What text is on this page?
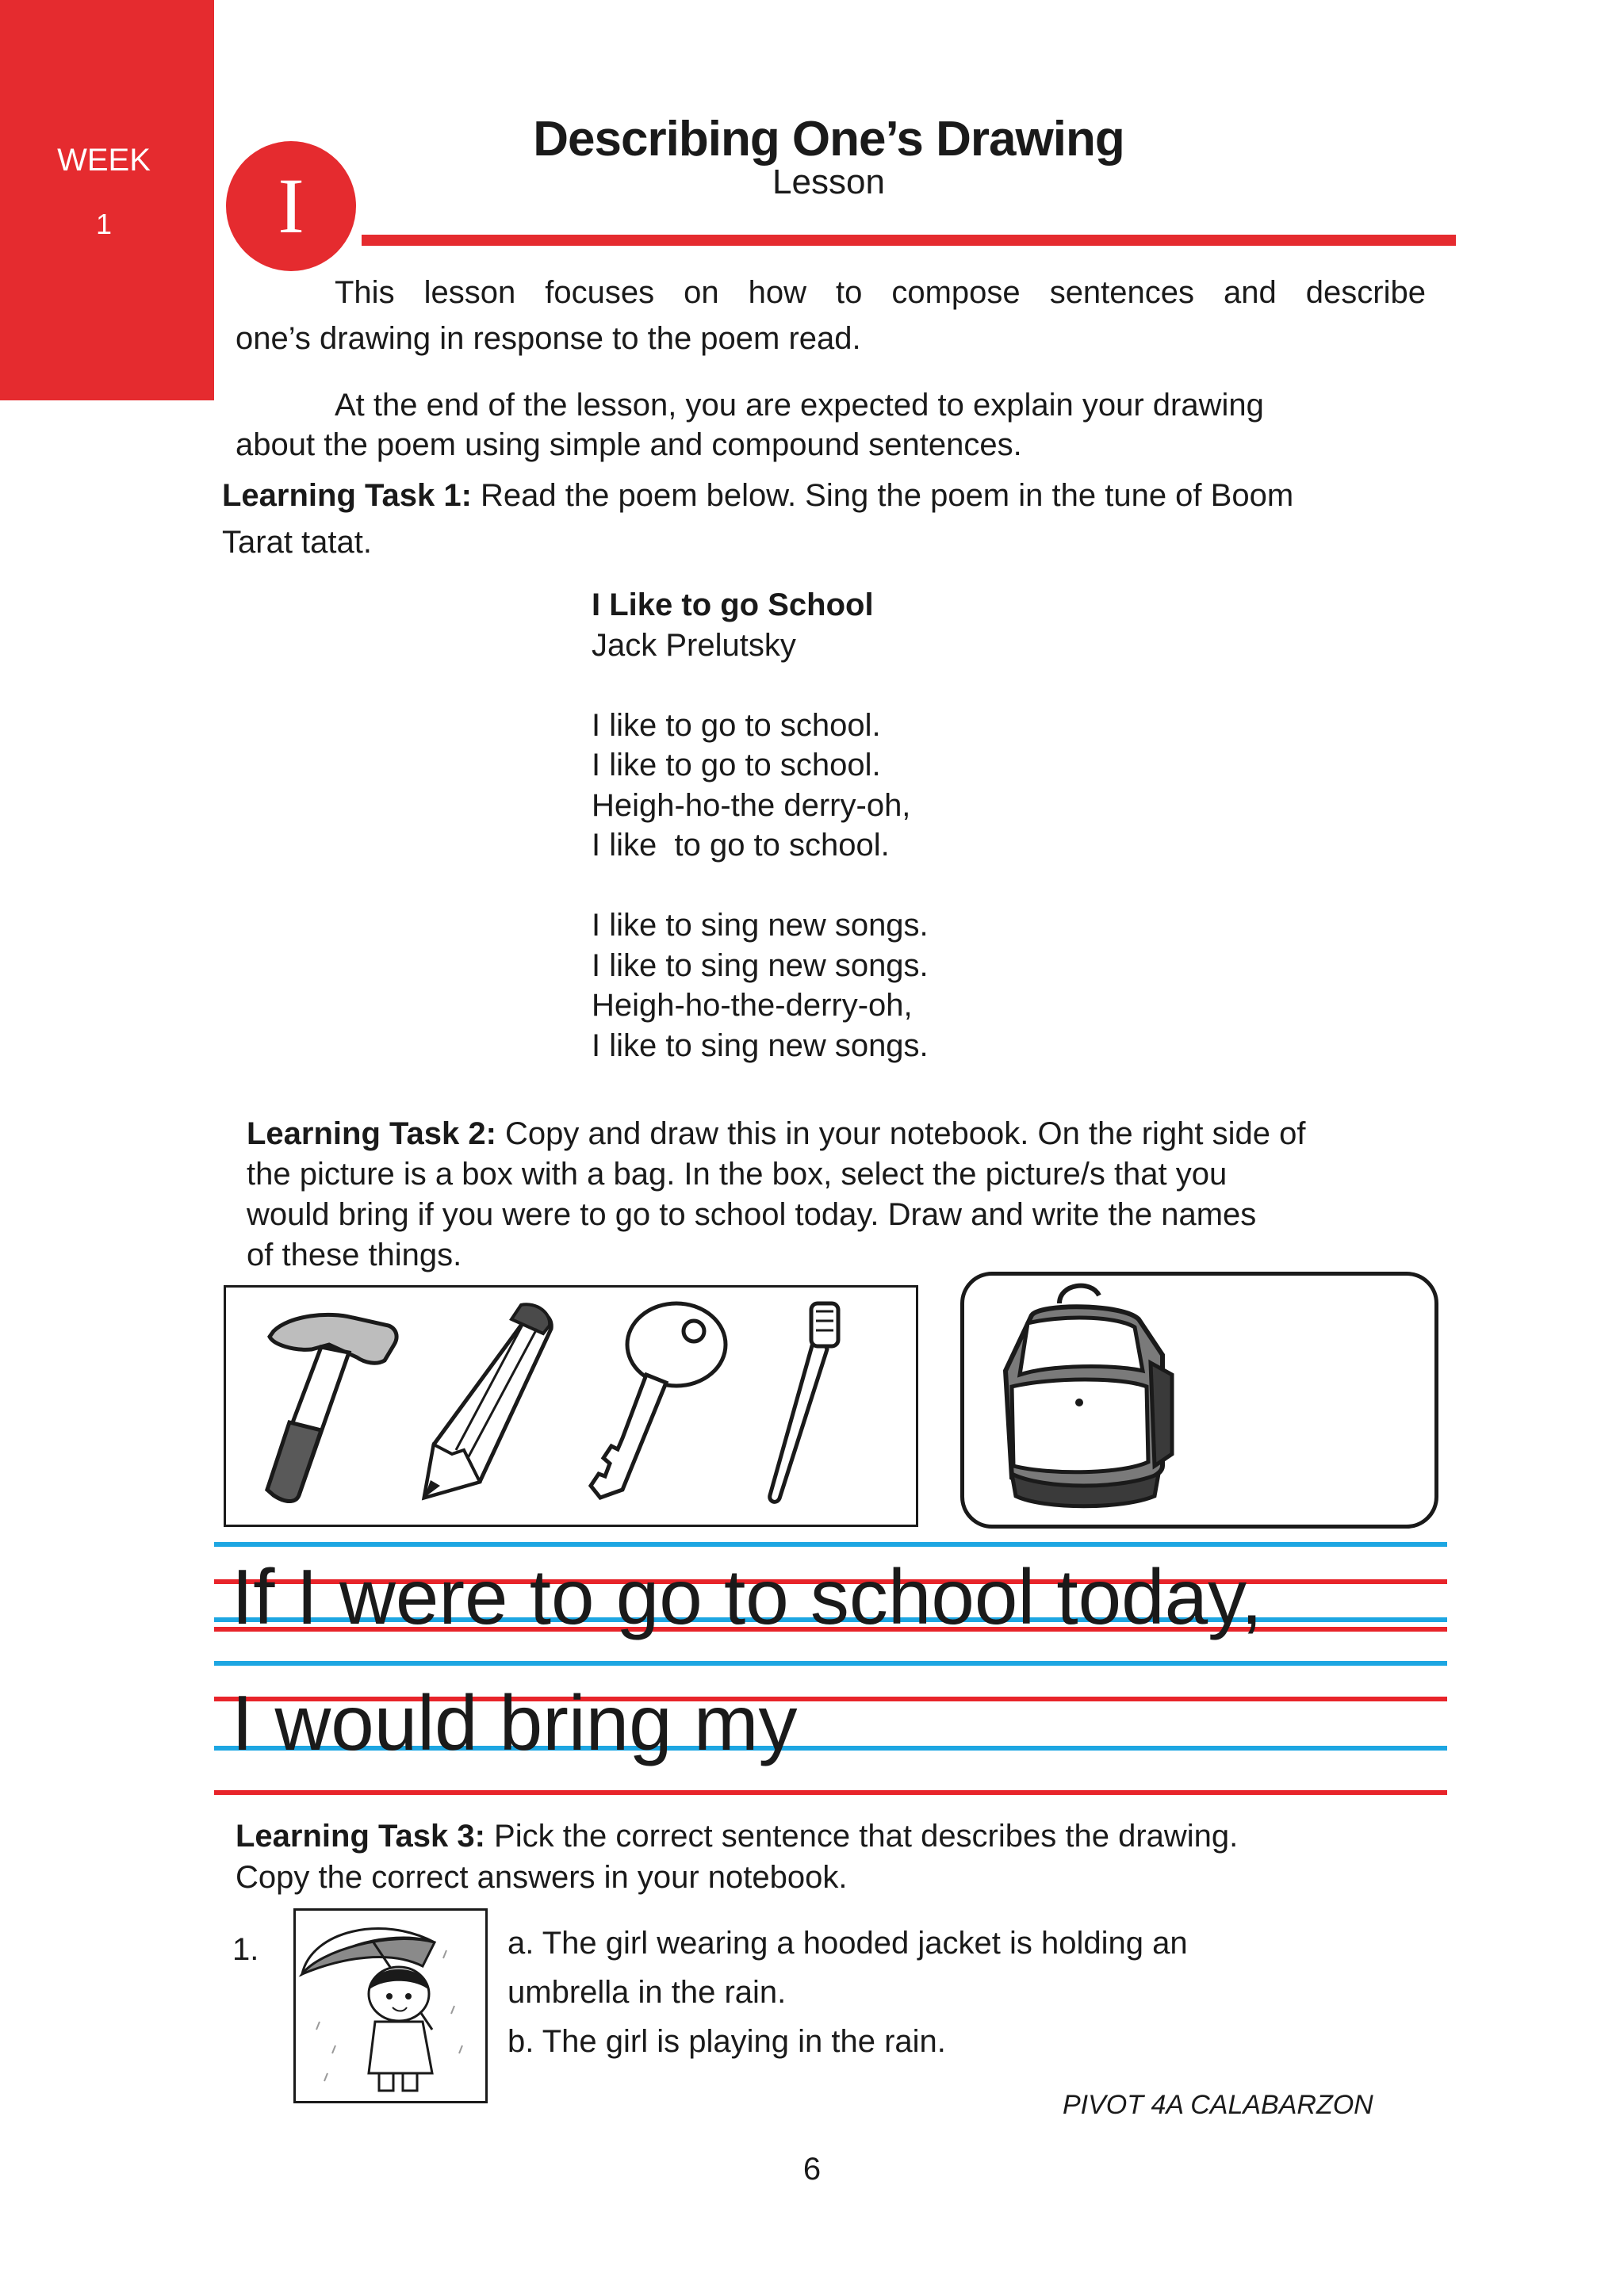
WEEK
1	I
Describing One’s Drawing
Lesson
This lesson focuses on how to compose sentences and describe
one’s drawing in response to the poem read.
At the end of the lesson, you are expected to explain your drawing
about the poem using simple and compound sentences.
Learning Task 1: Read the poem below. Sing the poem in the tune of Boom
Tarat tatat.
I Like to go School
Jack Prelutsky

I like to go to school.
I like to go to school.
Heigh-ho-the derry-oh,
I like  to go to school.

I like to sing new songs.
I like to sing new songs.
Heigh-ho-the-derry-oh,
I like to sing new songs.
Learning Task 2: Copy and draw this in your notebook. On the right side of
the picture is a box with a bag. In the box, select the picture/s that you
would bring if you were to go to school today. Draw and write the names
of these things.
If I were to go to school today,
I would bring my
Learning Task 3: Pick the correct sentence that describes the drawing.
Copy the correct answers in your notebook.
1.	a. The girl wearing a hooded jacket is holding an
umbrella in the rain.
b. The girl is playing in the rain.
PIVOT 4A CALABARZON
6
